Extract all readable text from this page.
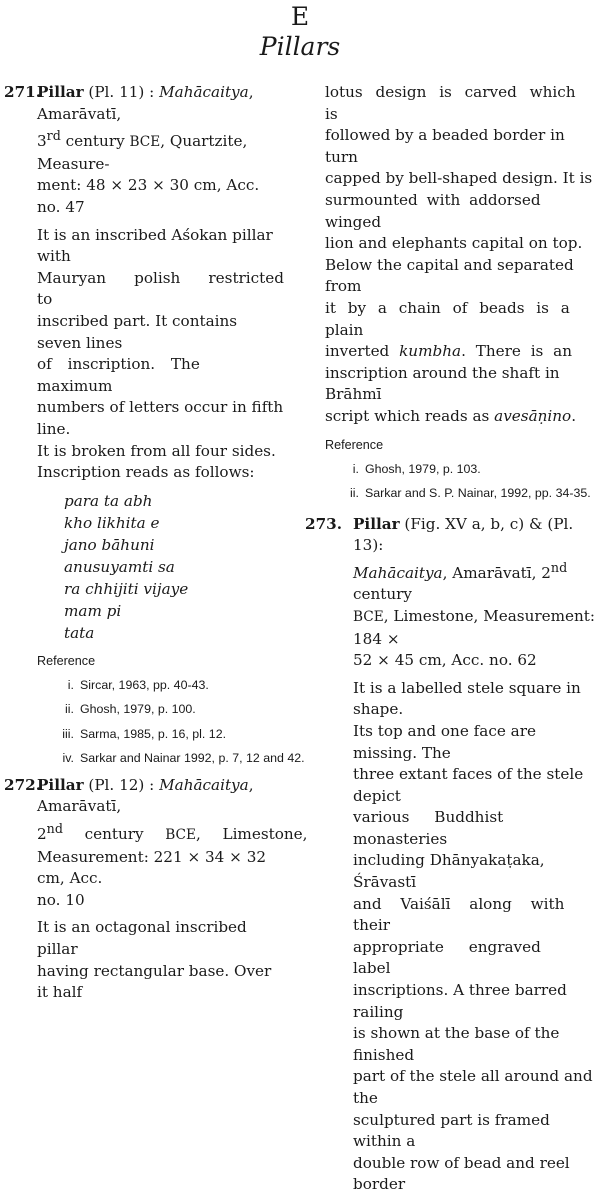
E
Pillars
271.
Pillar (Pl. 11) : Mahācaitya, Amarāvatī,
3rd century BCE, Quartzite, Measure-
ment: 48 × 23 × 30 cm, Acc. no. 47
It is an inscribed Aśokan pillar with
Mauryan polish restricted to
inscribed part. It contains seven lines
of inscription. The maximum
numbers of letters occur in fifth line.
It is broken from all four sides.
Inscription reads as follows:
para ta abh
kho likhita e
jano bāhuni
anusuyamti sa
ra chhijiti vijaye
mam pi
tata
Reference
i. Sircar, 1963, pp. 40-43.
ii. Ghosh, 1979, p. 100.
iii. Sarma, 1985, p. 16, pl. 12.
iv. Sarkar and Nainar 1992, p. 7, 12 and 42.
272.
Pillar (Pl. 12) : Mahācaitya, Amarāvatī,
2nd  century  BCE,  Limestone,
Measurement: 221 × 34 × 32 cm, Acc.
no. 10
It is an octagonal inscribed pillar
having rectangular base. Over it half
lotus design is carved which is
followed by a beaded border in turn
capped by bell-shaped design. It is
surmounted with addorsed winged
lion and elephants capital on top.
Below the capital and separated from
it by a chain of beads is a plain
inverted kumbha. There is an
inscription around the shaft in Brāhmī
script which reads as avesāṇino.
Reference
i. Ghosh, 1979, p. 103.
ii. Sarkar and S. P. Nainar, 1992, pp. 34-35.
273. Pillar (Fig. XV a, b, c) & (Pl. 13):
Mahācaitya, Amarāvatī, 2nd century
BCE, Limestone, Measurement: 184 ×
52 × 45 cm, Acc. no. 62
It is a labelled stele square in shape.
Its top and one face are missing. The
three extant faces of the stele depict
various Buddhist monasteries
including Dhānyakaṭaka, Śrāvastī
and Vaiśālī along with their
appropriate engraved label
inscriptions. A three barred railing
is shown at the base of the finished
part of the stele all around and the
sculptured part is framed within a
double row of bead and reel border
